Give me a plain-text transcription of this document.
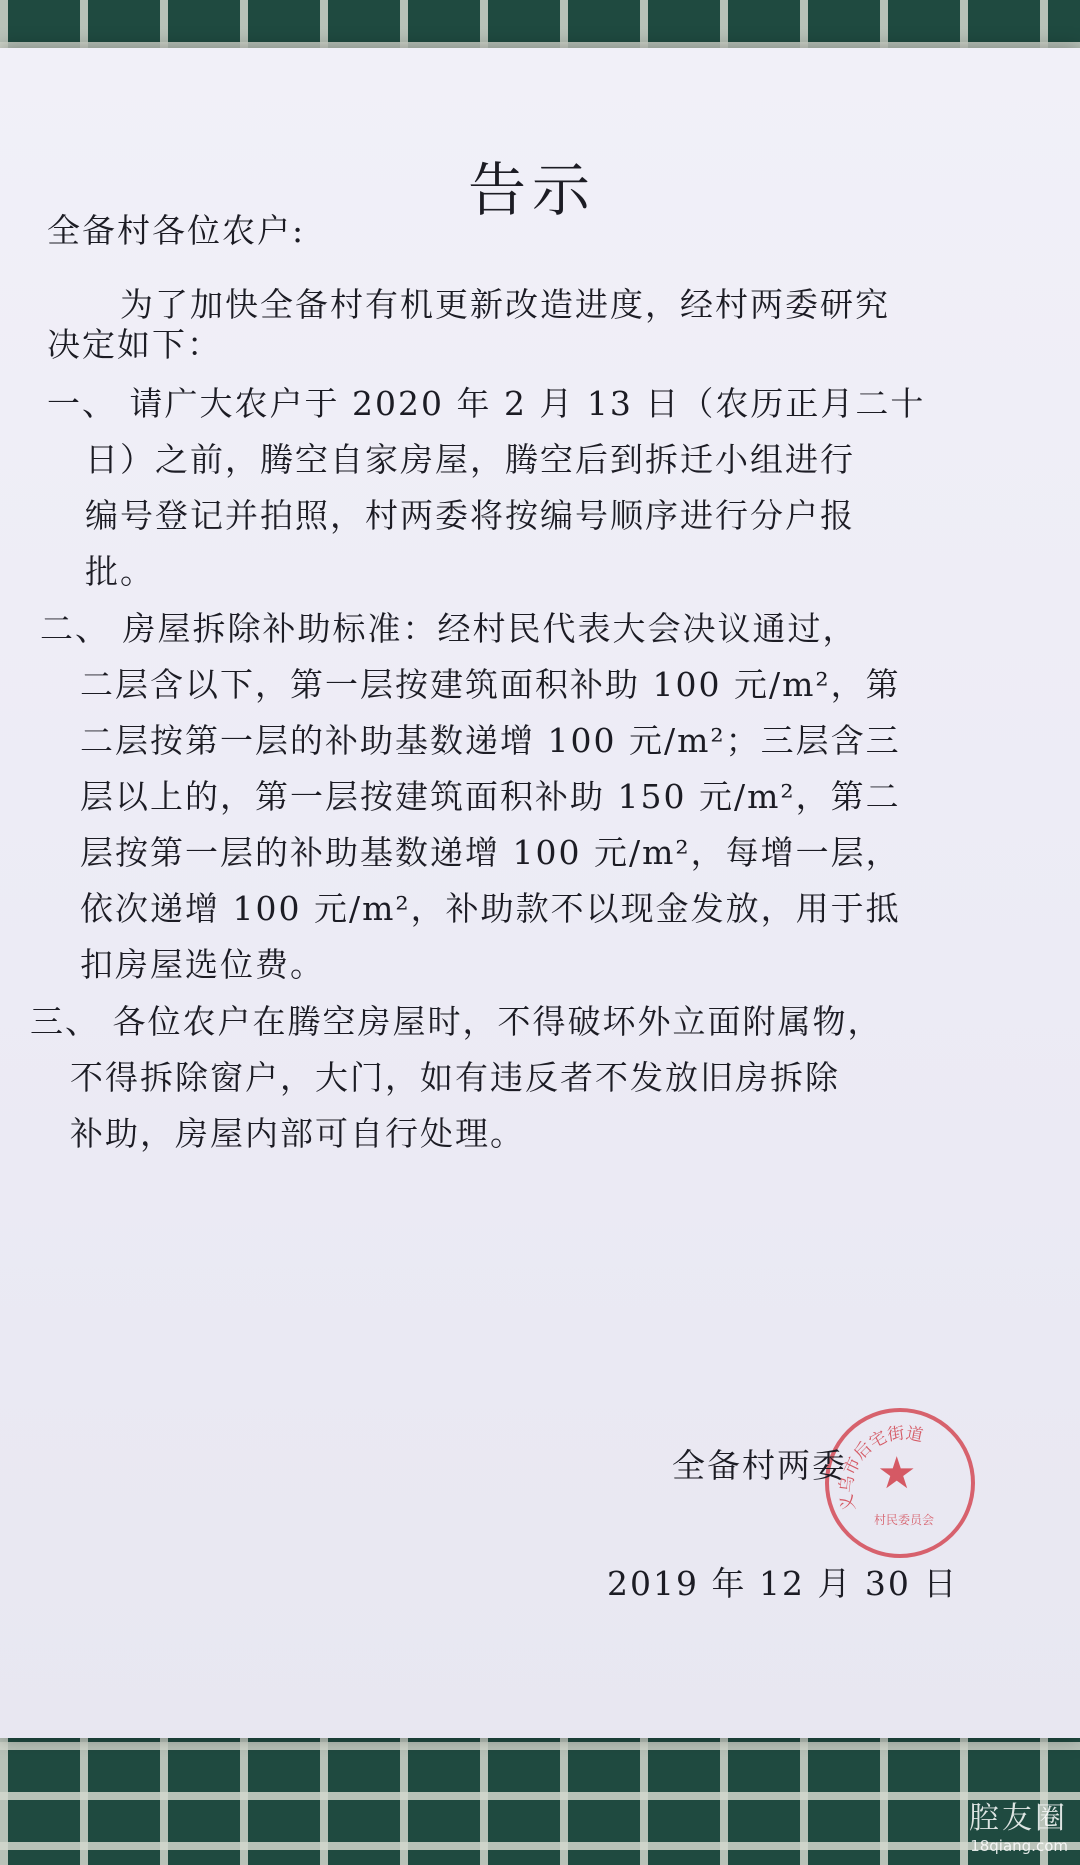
告示
全备村各位农户:
为了加快全备村有机更新改造进度，经村两委研究
决定如下：
一、 请广大农户于 2020 年 2 月 13 日（农历正月二十
日）之前，腾空自家房屋，腾空后到拆迁小组进行
编号登记并拍照，村两委将按编号顺序进行分户报
批。
二、 房屋拆除补助标准：经村民代表大会决议通过，
二层含以下，第一层按建筑面积补助 100 元/m²，第
二层按第一层的补助基数递增 100 元/m²；三层含三
层以上的，第一层按建筑面积补助 150 元/m²，第二
层按第一层的补助基数递增 100 元/m²，每增一层，
依次递增 100 元/m²，补助款不以现金发放，用于抵
扣房屋选位费。
三、 各位农户在腾空房屋时，不得破坏外立面附属物，
不得拆除窗户，大门，如有违反者不发放旧房拆除
补助，房屋内部可自行处理。
义乌市后宅街道
村民委员会
★
全备村两委
2019 年 12 月 30 日
腔友圈
18qiang.com
